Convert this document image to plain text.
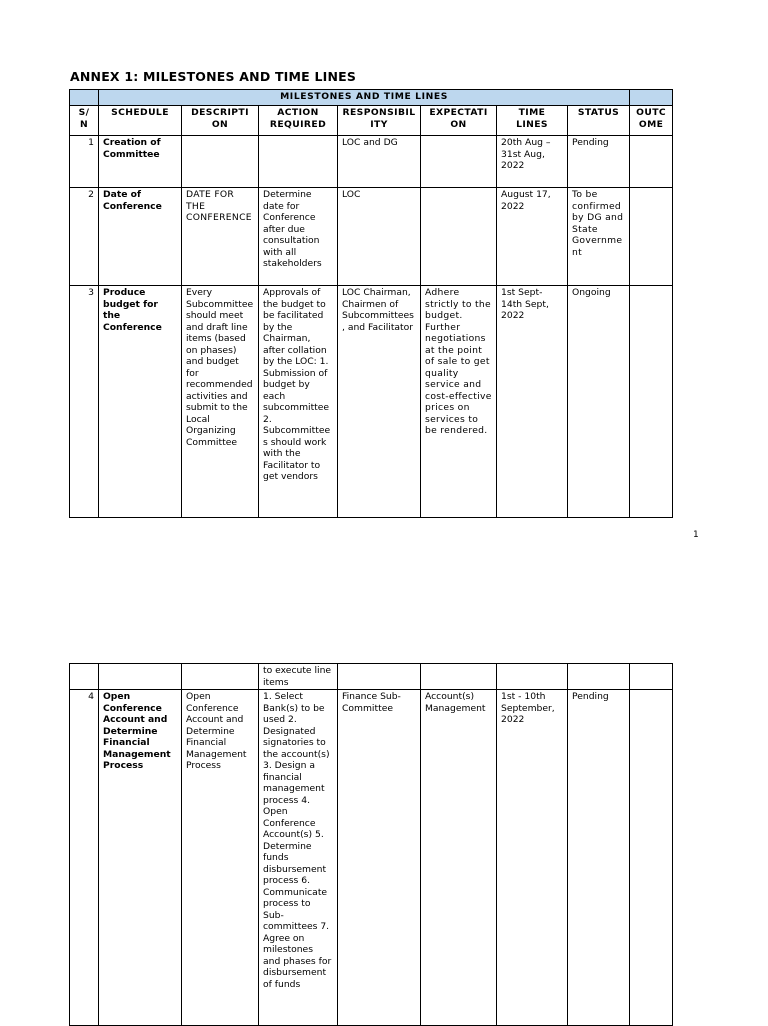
ANNEX 1: MILESTONES AND TIME LINES
	MILESTONES AND TIME LINES							
S/ N	SCHEDULE	DESCRIPTI ON	ACTION REQUIRED	RESPONSIBIL ITY	EXPECTATI ON	TIME LINES	STATUS	OUTCOME
1	Creation of Committee			LOC and DG		20th Aug – 31st Aug, 2022	Pending	
2	Date of Conference	DATE FOR THE CONFERENCE	Determine date for Conference after due consultation with all stakeholders	LOC		August 17, 2022	To be confirmed by DG and State Government	
3	Produce budget for the Conference	Every Subcommittee should meet and draft line items (based on phases) and budget for recommended activities and submit to the Local Organizing Committee	Approvals of the budget to be facilitated by the Chairman, after collation by the LOC: 1. Submission of budget by each subcommittee 2. Subcommittees should work with the Facilitator to get vendors	LOC Chairman, Chairmen of Subcommittees, and Facilitator	Adhere strictly to the budget. Further negotiations at the point of sale to get quality service and cost-effective prices on services to be rendered.	1st Sept- 14th Sept, 2022	Ongoing	
1
			to execute line items					
4	Open Conference Account and Determine Financial Management Process	Open Conference Account and Determine Financial Management Process	1. Select Bank(s) to be used 2. Designated signatories to the account(s) 3. Design a financial management process 4. Open Conference Account(s) 5. Determine funds disbursement process 6. Communicate process to Sub-committees 7. Agree on milestones and phases for disbursement of funds	Finance Sub-Committee	Account(s) Management	1st - 10th September, 2022	Pending	
